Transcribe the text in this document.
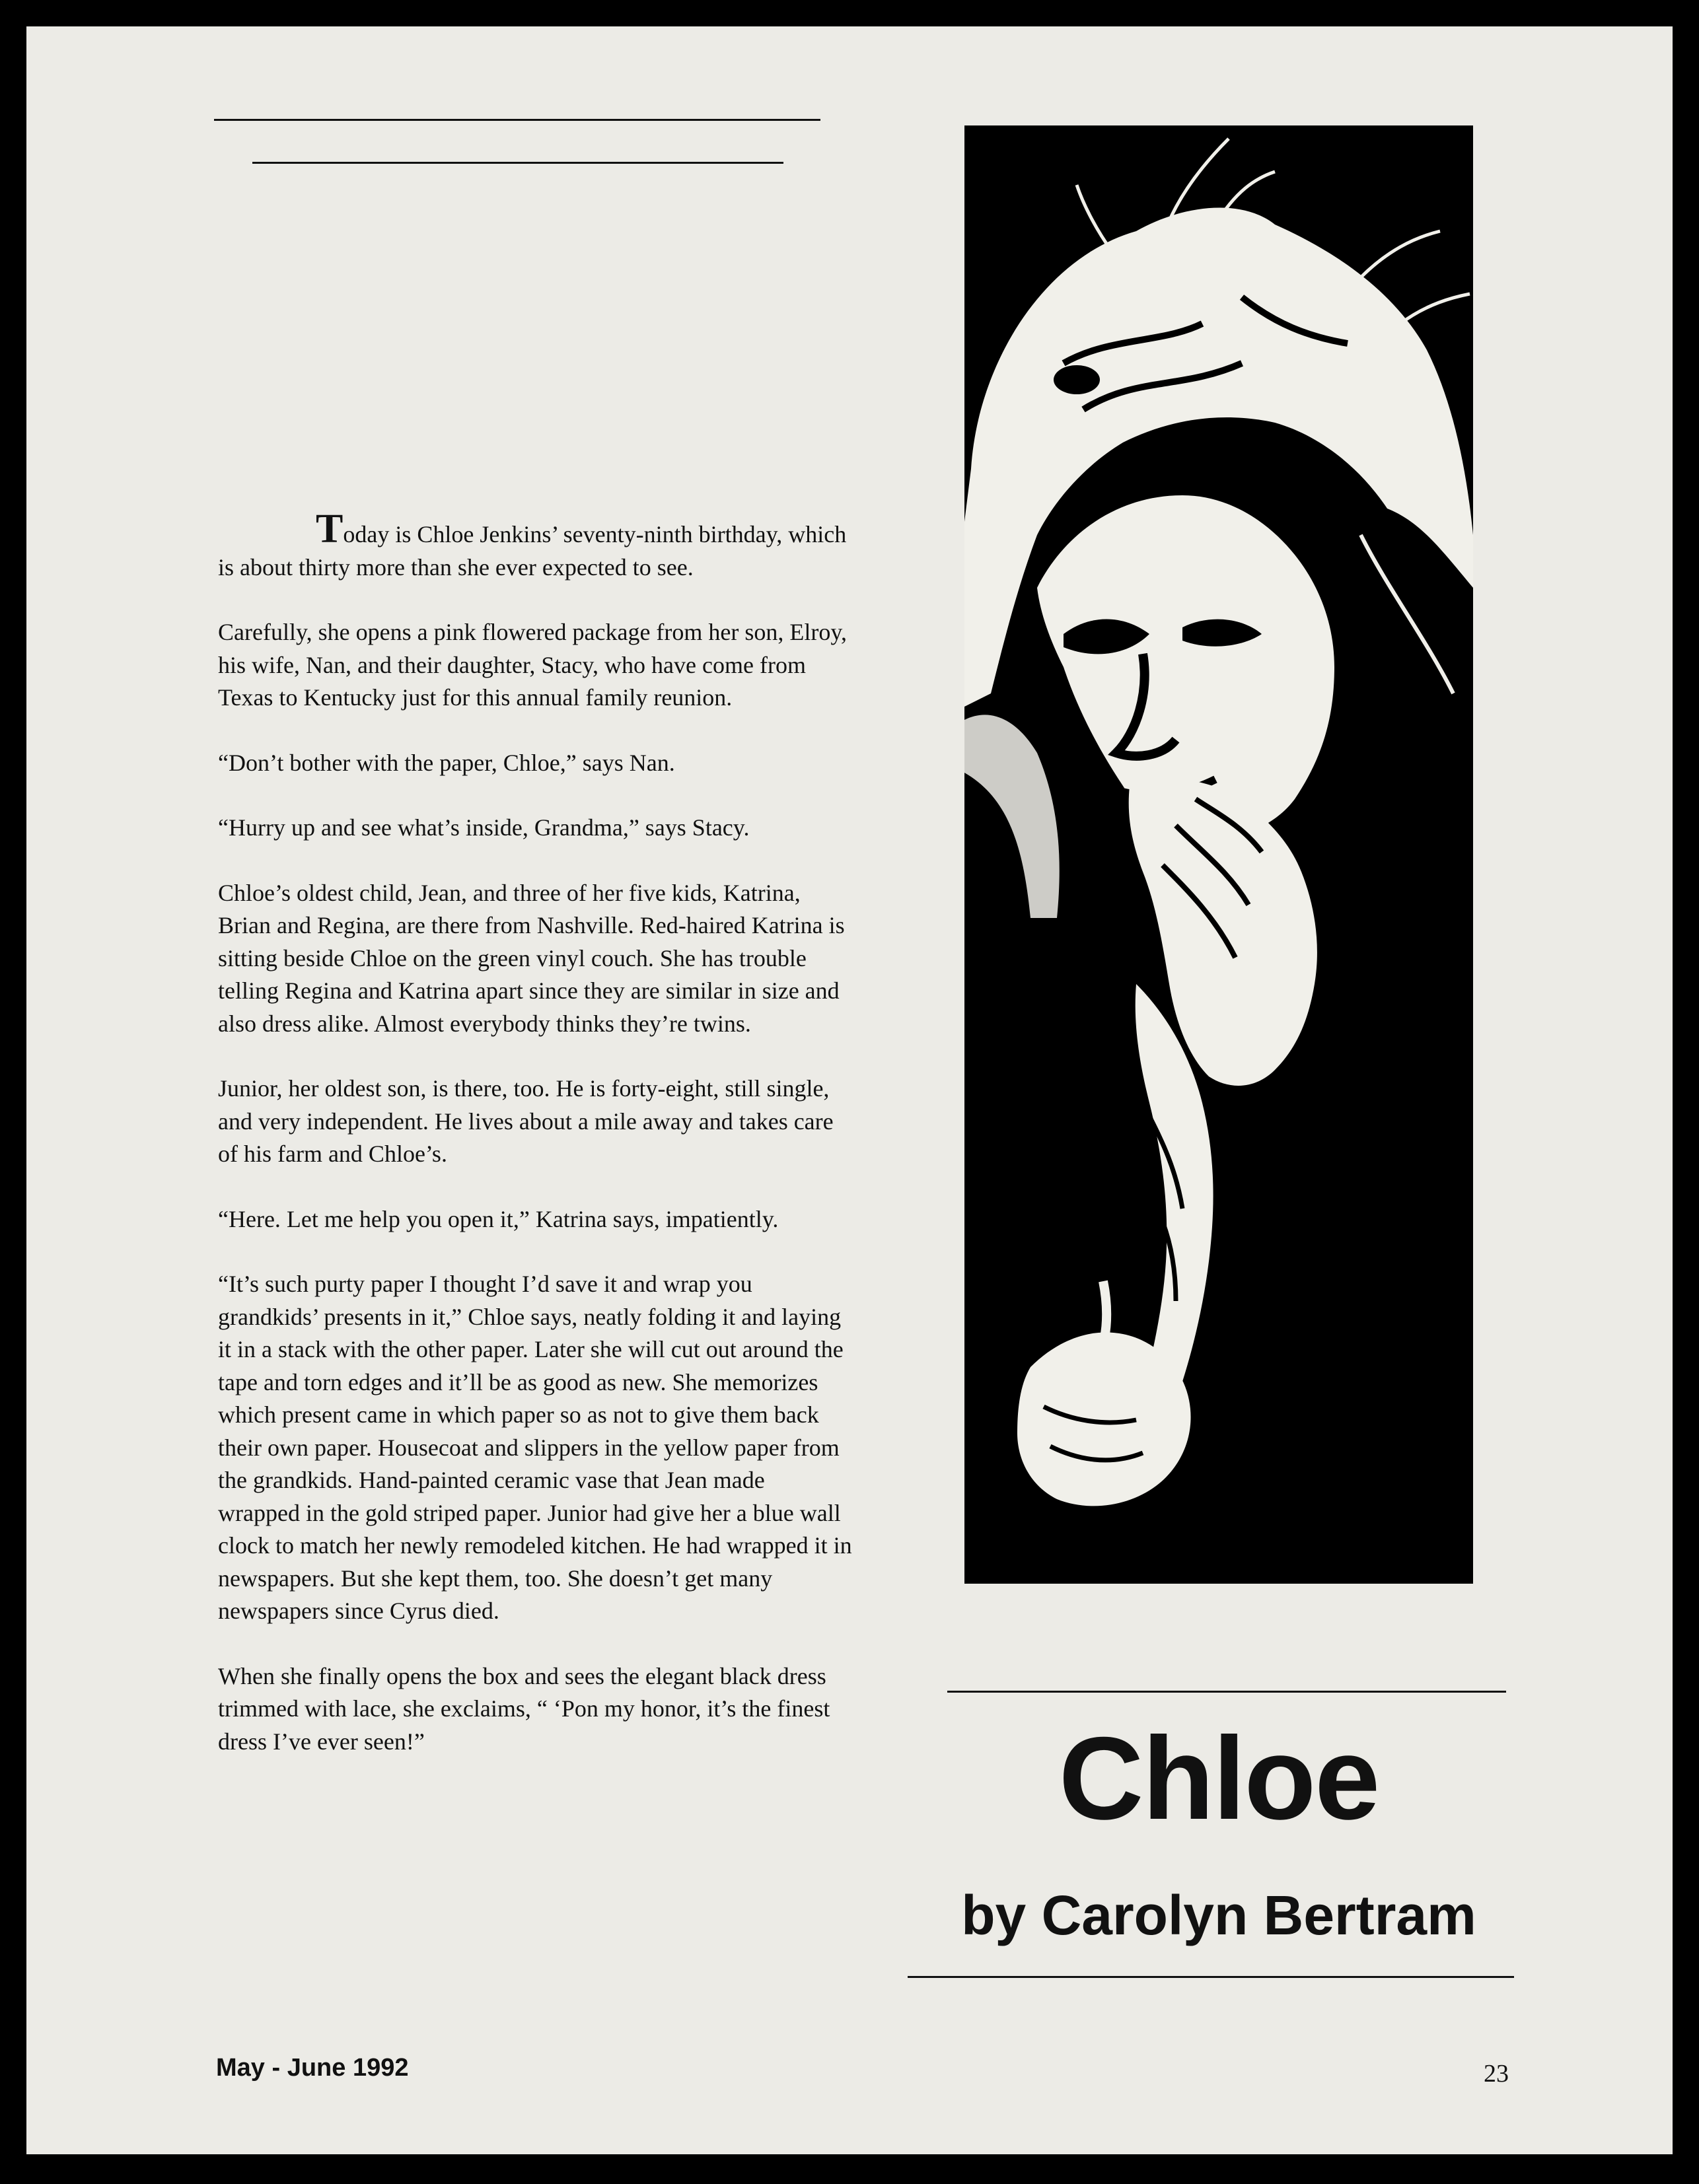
Today is Chloe Jenkins’ seventy-ninth birthday, which is about thirty more than she ever expected to see.

Carefully, she opens a pink flowered package from her son, Elroy, his wife, Nan, and their daughter, Stacy, who have come from Texas to Kentucky just for this annual family reunion.

“Don’t bother with the paper, Chloe,” says Nan.

“Hurry up and see what’s inside, Grandma,” says Stacy.

Chloe’s oldest child, Jean, and three of her five kids, Katrina, Brian and Regina, are there from Nashville. Red-haired Katrina is sitting beside Chloe on the green vinyl couch. She has trouble telling Regina and Katrina apart since they are similar in size and also dress alike. Almost everybody thinks they’re twins.

Junior, her oldest son, is there, too. He is forty-eight, still single, and very independent. He lives about a mile away and takes care of his farm and Chloe’s.

“Here. Let me help you open it,” Katrina says, impatiently.

“It’s such purty paper I thought I’d save it and wrap you grandkids’ presents in it,” Chloe says, neatly folding it and laying it in a stack with the other paper. Later she will cut out around the tape and torn edges and it’ll be as good as new. She memorizes which present came in which paper so as not to give them back their own paper. Housecoat and slippers in the yellow paper from the grandkids. Hand-painted ceramic vase that Jean made wrapped in the gold striped paper. Junior had give her a blue wall clock to match her newly remodeled kitchen. He had wrapped it in newspapers. But she kept them, too. She doesn’t get many newspapers since Cyrus died.

When she finally opens the box and sees the elegant black dress trimmed with lace, she exclaims, “ ‘Pon my honor, it’s the finest dress I’ve ever seen!”	Chloe
by Carolyn Bertram
May - June 1992	23
